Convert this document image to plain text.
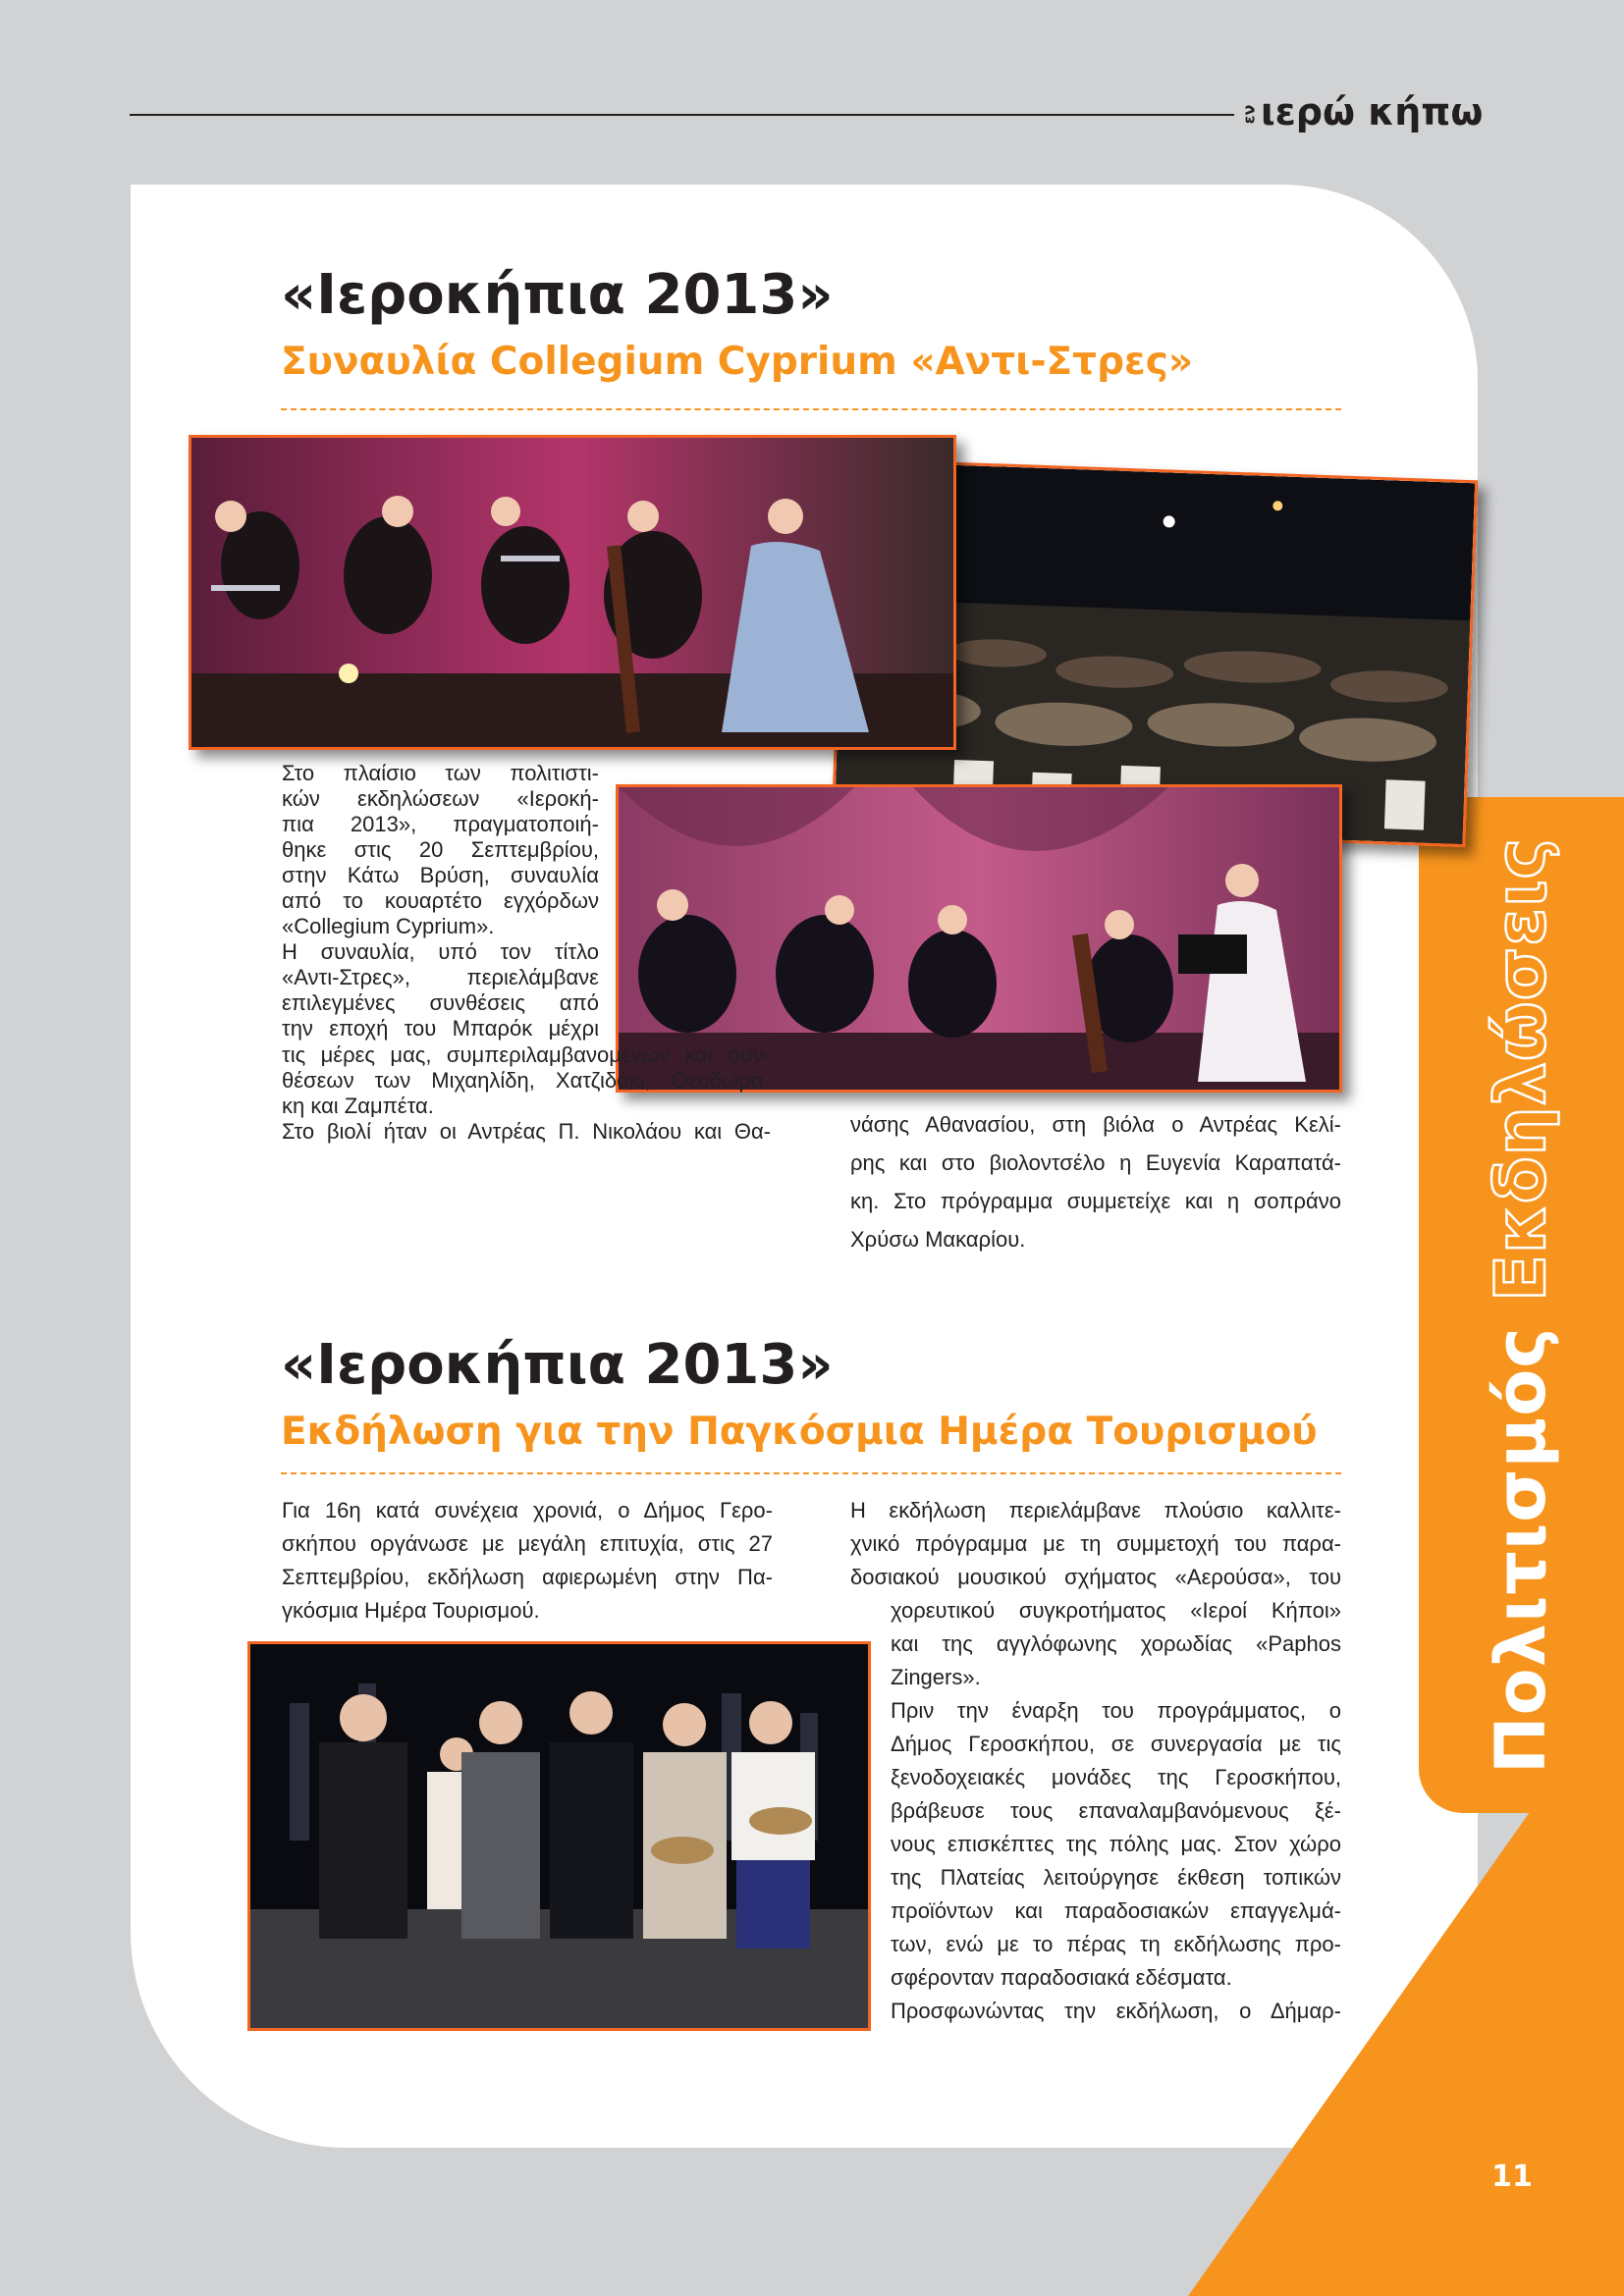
ενιερώ κήπω
11
Πολιτισμός Εκδηλώσεις
«Ιεροκήπια 2013»
Συναυλία Collegium Cyprium «Αντι-Στρες»

Στο πλαίσιο των πολιτιστι-

κών εκδηλώσεων «Ιεροκή-

πια 2013», πραγματοποιή-

θηκε στις 20 Σεπτεμβρίου,

στην Κάτω Βρύση, συναυλία

από το κουαρτέτο εγχόρδων

«Collegium Cyprium».

Η συναυλία, υπό τον τίτλο

«Αντι-Στρες», περιελάμβανε

επιλεγμένες συνθέσεις από

την εποχή του Μπαρόκ μέχρι

τις μέρες μας, συμπεριλαμβανομένων και συν-

θέσεων των Μιχαηλίδη, Χατζιδάκι, Θεοδωρά-

κη και Ζαμπέτα.

Στο βιολί ήταν οι Αντρέας Π. Νικολάου και Θα-	νάσης Αθανασίου, στη βιόλα ο Αντρέας Κελί-

ρης και στο βιολοντσέλο η Ευγενία Καραπατά-

κη. Στο πρόγραμμα συμμετείχε και η σοπράνο

Χρύσω Μακαρίου.

«Ιεροκήπια 2013»
Εκδήλωση για την Παγκόσμια Ημέρα Τουρισμού

Για 16η κατά συνέχεια χρονιά, ο Δήμος Γερο-

σκήπου οργάνωσε με μεγάλη επιτυχία, στις 27

Σεπτεμβρίου, εκδήλωση αφιερωμένη στην Πα-

γκόσμια Ημέρα Τουρισμού.

Η εκδήλωση περιελάμβανε πλούσιο καλλιτε-

χνικό πρόγραμμα με τη συμμετοχή του παρα-

δοσιακού μουσικού σχήματος «Αερούσα», του

χορευτικού συγκροτήματος «Ιεροί Κήποι»

και της αγγλόφωνης χορωδίας «Paphos

Zingers».

Πριν την έναρξη του προγράμματος, ο

Δήμος Γεροσκήπου, σε συνεργασία με τις

ξενοδοχειακές μονάδες της Γεροσκήπου,

βράβευσε τους επαναλαμβανόμενους ξέ-

νους επισκέπτες της πόλης μας. Στον χώρο

της Πλατείας λειτούργησε έκθεση τοπικών

προϊόντων και παραδοσιακών επαγγελμά-

των, ενώ με το πέρας τη εκδήλωσης προ-

σφέρονταν παραδοσιακά εδέσματα.

Προσφωνώντας την εκδήλωση, ο Δήμαρ-
